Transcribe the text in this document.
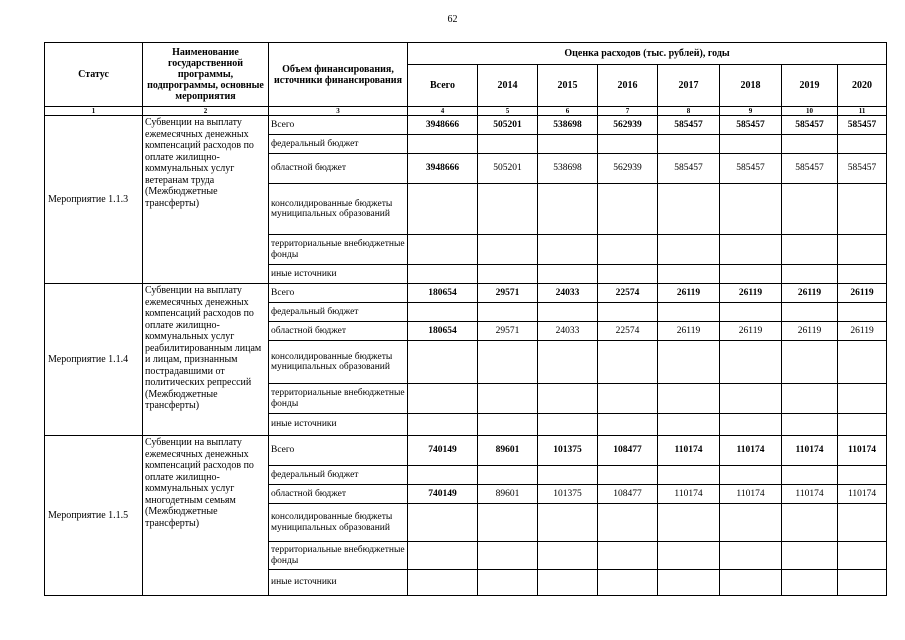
62
Статус	Наименование государственной программы, подпрограммы, основные мероприятия	Объем финансирования, источники финансирования	Оценка расходов (тыс. рублей), годы							
			Всего	2014	2015	2016	2017	2018	2019	2020
1	2	3	4	5	6	7	8	9	10	11
Мероприятие 1.1.3	Субвенции на выплату ежемесячных денежных компенсаций расходов по оплате жилищно-коммунальных услуг ветеранам труда (Межбюджетные трансферты)	Всего	3948666	505201	538698	562939	585457	585457	585457	585457
		федеральный бюджет								
		областной бюджет	3948666	505201	538698	562939	585457	585457	585457	585457
		консолидированные бюджеты муниципальных образований								
		территориальные внебюджетные фонды								
		иные источники								
Мероприятие 1.1.4	Субвенции на выплату ежемесячных денежных компенсаций расходов по оплате жилищно-коммунальных услуг реабилитированным лицам и лицам, признанным пострадавшими от политических репрессий (Межбюджетные трансферты)	Всего	180654	29571	24033	22574	26119	26119	26119	26119
		федеральный бюджет								
		областной бюджет	180654	29571	24033	22574	26119	26119	26119	26119
		консолидированные бюджеты муниципальных образований								
		территориальные внебюджетные фонды								
		иные источники								
Мероприятие 1.1.5	Субвенции на выплату ежемесячных денежных компенсаций расходов по оплате жилищно-коммунальных услуг многодетным семьям (Межбюджетные трансферты)	Всего	740149	89601	101375	108477	110174	110174	110174	110174
		федеральный бюджет								
		областной бюджет	740149	89601	101375	108477	110174	110174	110174	110174
		консолидированные бюджеты муниципальных образований								
		территориальные внебюджетные фонды								
		иные источники								
